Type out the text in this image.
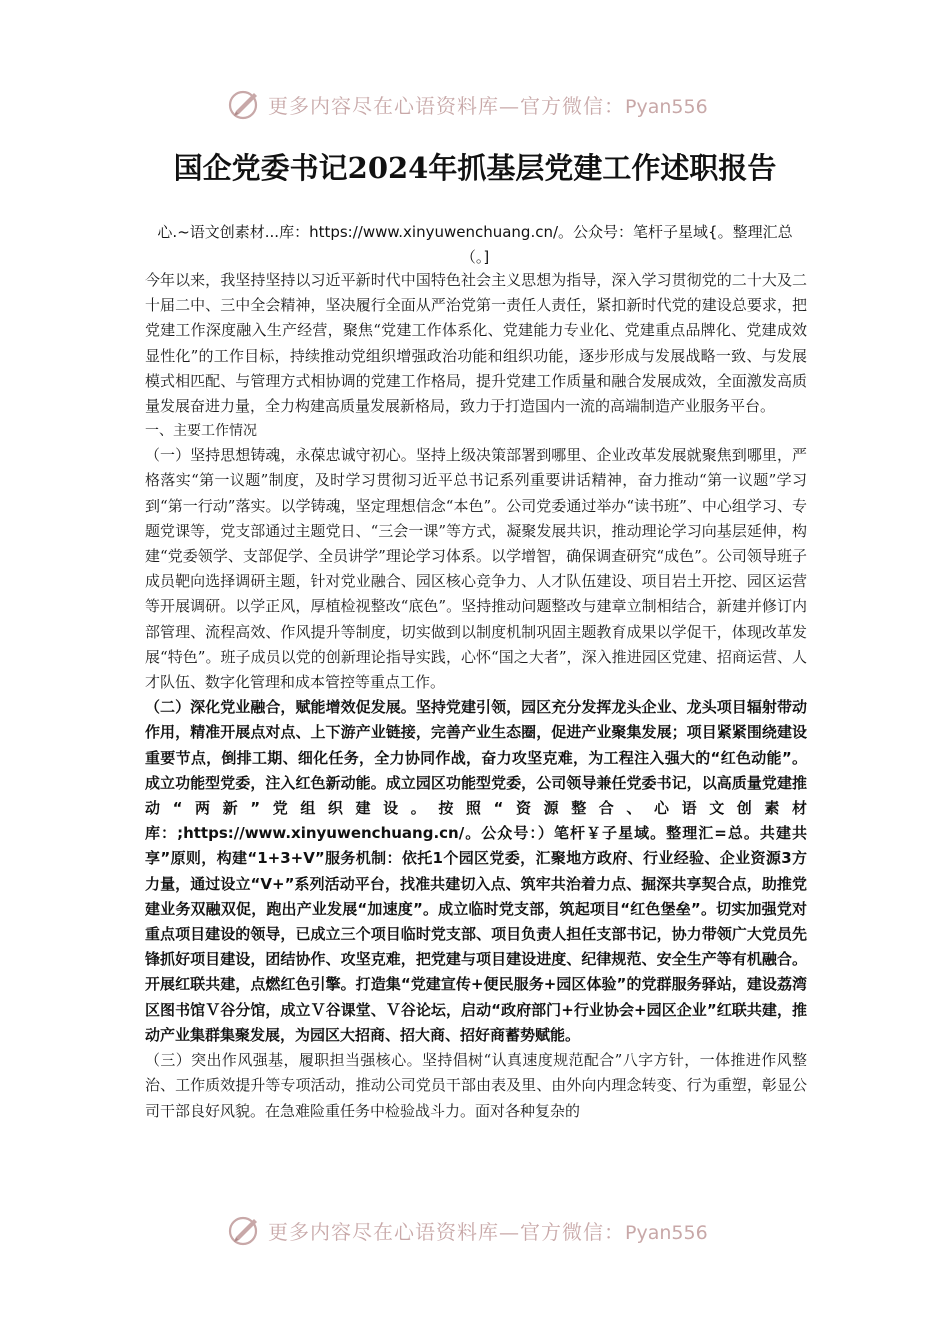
更多内容尽在心语资料库—官方微信：Pyan556
国企党委书记2024年抓基层党建工作述职报告
心.~语文创素材...库：https://www.xinyuwenchuang.cn/。公众号：笔杆子星域{。整理汇总（。]

今年以来，我坚持坚持以习近平新时代中国特色社会主义思想为指导，深入学习贯彻党的二十大及二十届二中、三中全会精神，坚决履行全面从严治党第一责任人责任，紧扣新时代党的建设总要求，把党建工作深度融入生产经营，聚焦“党建工作体系化、党建能力专业化、党建重点品牌化、党建成效显性化”的工作目标，持续推动党组织增强政治功能和组织功能，逐步形成与发展战略一致、与发展模式相匹配、与管理方式相协调的党建工作格局，提升党建工作质量和融合发展成效，全面激发高质量发展奋进力量，全力构建高质量发展新格局，致力于打造国内一流的高端制造产业服务平台。

一、主要工作情况

（一）坚持思想铸魂，永葆忠诚守初心。坚持上级决策部署到哪里、企业改革发展就聚焦到哪里，严格落实“第一议题”制度，及时学习贯彻习近平总书记系列重要讲话精神，奋力推动“第一议题”学习到“第一行动”落实。以学铸魂，坚定理想信念“本色”。公司党委通过举办“读书班”、中心组学习、专题党课等，党支部通过主题党日、“三会一课”等方式，凝聚发展共识，推动理论学习向基层延伸，构建“党委领学、支部促学、全员讲学”理论学习体系。以学增智，确保调查研究“成色”。公司领导班子成员靶向选择调研主题，针对党业融合、园区核心竞争力、人才队伍建设、项目岩土开挖、园区运营等开展调研。以学正风，厚植检视整改“底色”。坚持推动问题整改与建章立制相结合，新建并修订内部管理、流程高效、作风提升等制度，切实做到以制度机制巩固主题教育成果以学促干，体现改革发展“特色”。班子成员以党的创新理论指导实践，心怀“国之大者”，深入推进园区党建、招商运营、人才队伍、数字化管理和成本管控等重点工作。

（二）深化党业融合，赋能增效促发展。坚持党建引领，园区充分发挥龙头企业、龙头项目辐射带动作用，精准开展点对点、上下游产业链接，完善产业生态圈，促进产业聚集发展；项目紧紧围绕建设重要节点，倒排工期、细化任务，全力协同作战，奋力攻坚克难，为工程注入强大的“红色动能”。成立功能型党委，注入红色新动能。成立园区功能型党委，公司领导兼任党委书记，以高质量党建推动“两新”党组织建设。按照“资源整合、心语文创素材库：;https://www.xinyuwenchuang.cn/。公众号：）笔杆￥子星域。整理汇=总。共建共享”原则，构建“1+3+V”服务机制：依托1个园区党委，汇聚地方政府、行业经验、企业资源3方力量，通过设立“V+”系列活动平台，找准共建切入点、筑牢共治着力点、掘深共享契合点，助推党建业务双融双促，跑出产业发展“加速度”。成立临时党支部，筑起项目“红色堡垒”。切实加强党对重点项目建设的领导，已成立三个项目临时党支部、项目负责人担任支部书记，协力带领广大党员先锋抓好项目建设，团结协作、攻坚克难，把党建与项目建设进度、纪律规范、安全生产等有机融合。开展红联共建，点燃红色引擎。打造集“党建宣传+便民服务+园区体验”的党群服务驿站，建设荔湾区图书馆Ｖ谷分馆，成立Ｖ谷课堂、Ｖ谷论坛，启动“政府部门+行业协会+园区企业”红联共建，推动产业集群集聚发展，为园区大招商、招大商、招好商蓄势赋能。

（三）突出作风强基，履职担当强核心。坚持倡树“认真速度规范配合”八字方针，一体推进作风整治、工作质效提升等专项活动，推动公司党员干部由表及里、由外向内理念转变、行为重塑，彰显公司干部良好风貌。在急难险重任务中检验战斗力。面对各种复杂的

更多内容尽在心语资料库—官方微信：Pyan556
